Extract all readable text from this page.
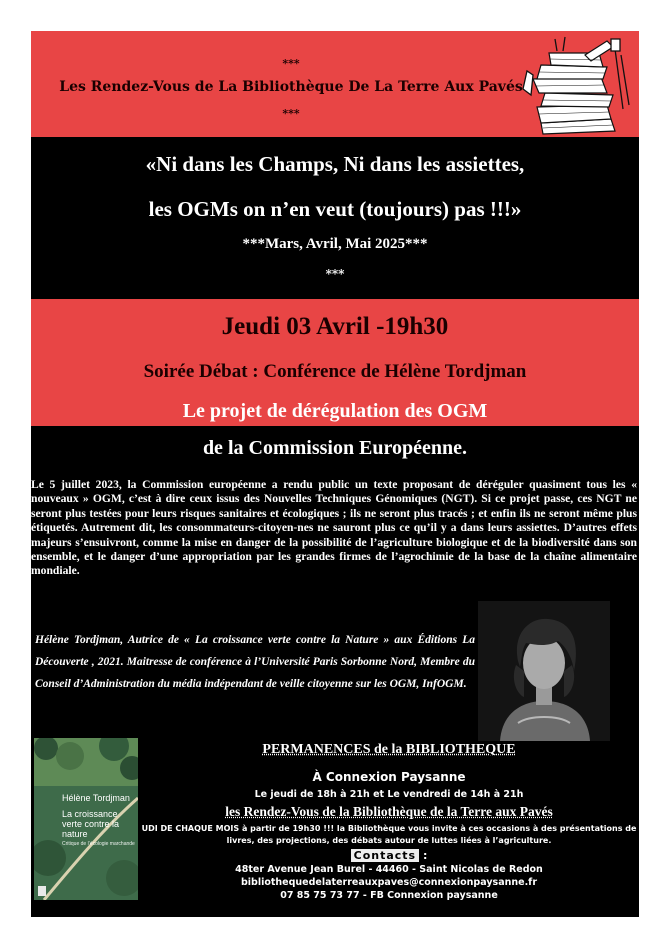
***
Les Rendez-Vous de La Bibliothèque De La Terre Aux Pavés
***
«Ni dans les Champs, Ni dans les assiettes,
les OGMs on n’en veut (toujours) pas !!!»
***Mars, Avril, Mai 2025***
***
Jeudi 03 Avril -19h30
Soirée Débat : Conférence de Hélène Tordjman
Le projet de dérégulation des OGM
de la Commission Européenne.
Le 5 juillet 2023, la Commission européenne a rendu public un texte proposant de déréguler quasiment tous les « nouveaux » OGM, c’est à dire ceux issus des Nouvelles Techniques Génomiques (NGT). Si ce projet passe, ces NGT ne seront plus testées pour leurs risques sanitaires et écologiques ; ils ne seront plus tracés ; et enfin ils ne seront même plus étiquetés. Autrement dit, les consommateurs-citoyen-nes ne sauront plus ce qu’il y a dans leurs assiettes. D’autres effets majeurs s’ensuivront, comme la mise en danger de la possibilité de l’agriculture biologique et de la biodiversité dans son ensemble, et le danger d’une appropriation par les grandes firmes de l’agrochimie de la base de la chaîne alimentaire mondiale.
Hélène Tordjman, Autrice de « La croissance verte contre la Nature » aux Éditions La Découverte , 2021. Maitresse de conférence à l’Université Paris Sorbonne Nord, Membre du Conseil d’Administration du média indépendant de veille citoyenne sur les OGM, InfOGM.
Hélène Tordjman
La croissance verte contre la nature
Critique de l’écologie marchande
PERMANENCES de la BIBLIOTHEQUE
À Connexion Paysanne
Le jeudi de 18h à 21h et Le vendredi de 14h à 21h
les Rendez-Vous de la Bibliothèque de la Terre aux Pavés
UDI DE CHAQUE MOIS à partir de 19h30 !!! la Bibliothèque vous invite à ces occasions à des présentations de
livres, des projections, des débats autour de luttes liées à l’agriculture.
Contacts :
48ter Avenue Jean Burel - 44460 - Saint Nicolas de Redon
bibliothequedelaterreauxpaves@connexionpaysanne.fr
07 85 75 73 77 - FB Connexion paysanne
